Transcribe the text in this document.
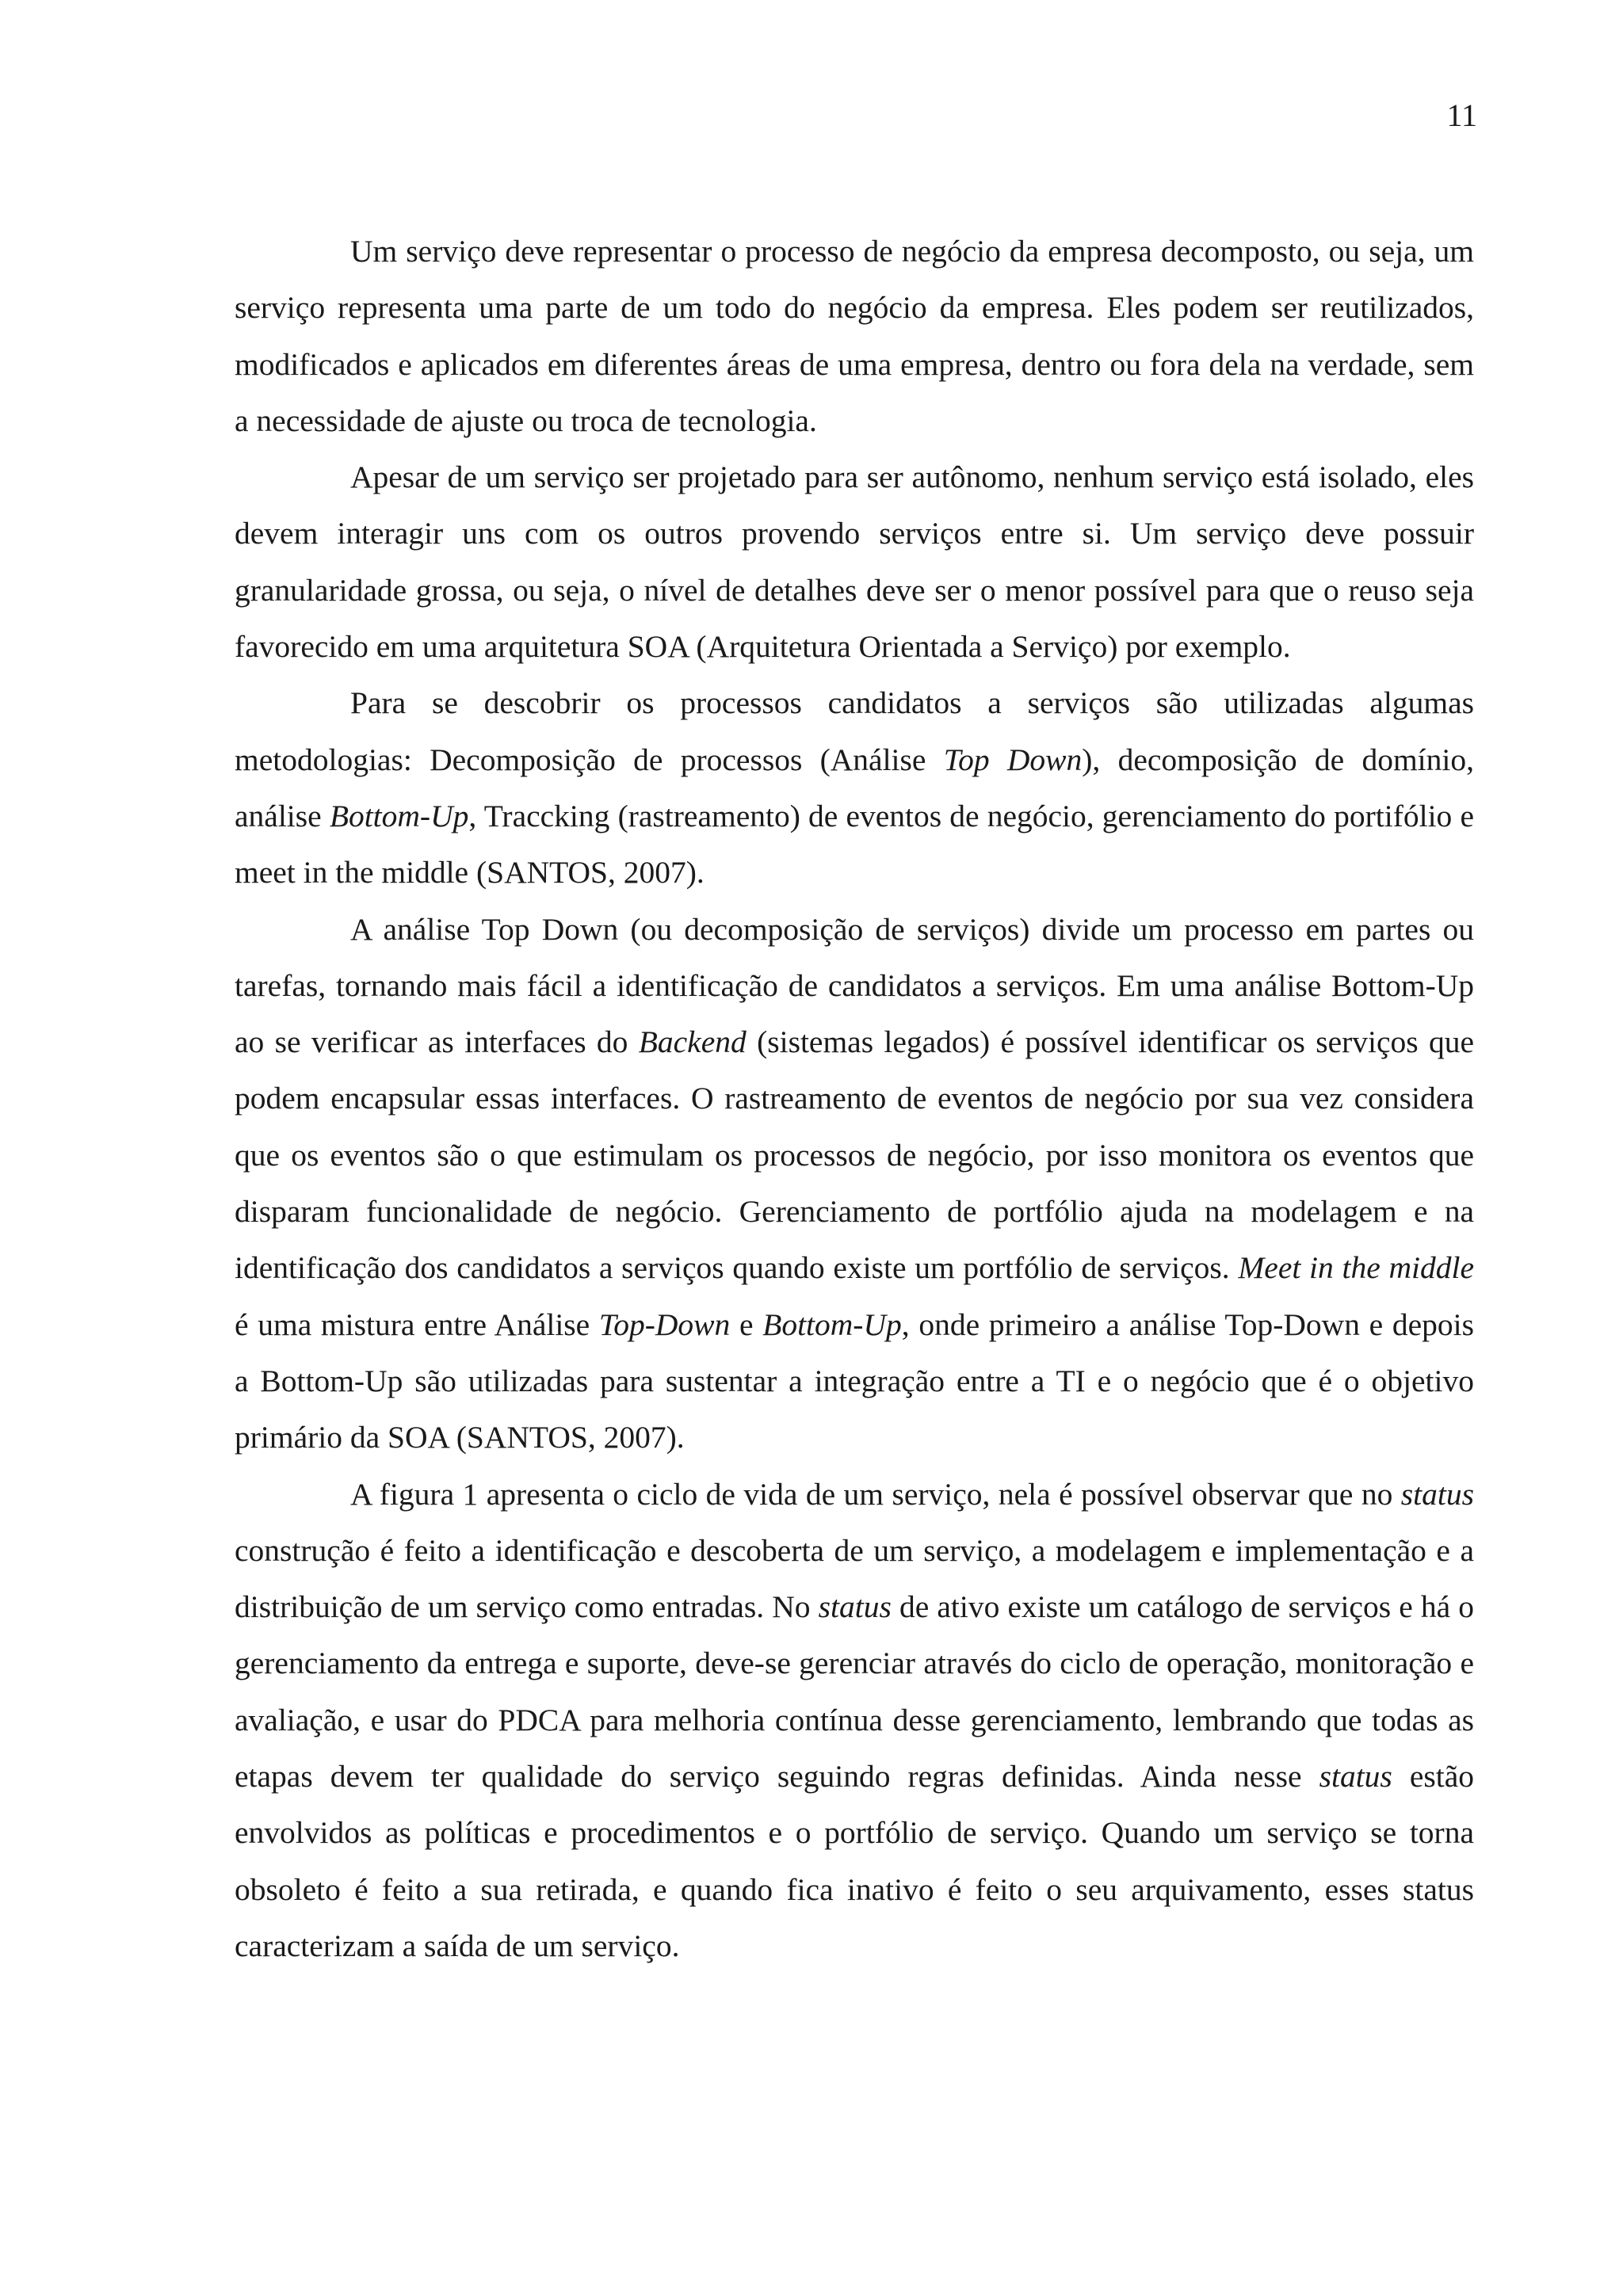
11

Um serviço deve representar o processo de negócio da empresa decomposto, ou seja, um serviço representa uma parte de um todo do negócio da empresa. Eles podem ser reutilizados, modificados e aplicados em diferentes áreas de uma empresa, dentro ou fora dela na verdade, sem a necessidade de ajuste ou troca de tecnologia.

Apesar de um serviço ser projetado para ser autônomo, nenhum serviço está isolado, eles devem interagir uns com os outros provendo serviços entre si. Um serviço deve possuir granularidade grossa, ou seja, o nível de detalhes deve ser o menor possível para que o reuso seja favorecido em uma arquitetura SOA (Arquitetura Orientada a Serviço) por exemplo.

Para se descobrir os processos candidatos a serviços são utilizadas algumas metodologias: Decomposição de processos (Análise Top Down), decomposição de domínio, análise Bottom-Up, Traccking (rastreamento) de eventos de negócio, gerenciamento do portifólio e meet in the middle (SANTOS, 2007).

A análise Top Down (ou decomposição de serviços) divide um processo em partes ou tarefas, tornando mais fácil a identificação de candidatos a serviços. Em uma análise Bottom-Up ao se verificar as interfaces do Backend (sistemas legados) é possível identificar os serviços que podem encapsular essas interfaces. O rastreamento de eventos de negócio por sua vez considera que os eventos são o que estimulam os processos de negócio, por isso monitora os eventos que disparam funcionalidade de negócio. Gerenciamento de portfólio ajuda na modelagem e na identificação dos candidatos a serviços quando existe um portfólio de serviços. Meet in the middle é uma mistura entre Análise Top-Down e Bottom-Up, onde primeiro a análise Top-Down e depois a Bottom-Up são utilizadas para sustentar a integração entre a TI e o negócio que é o objetivo primário da SOA (SANTOS, 2007).

A figura 1 apresenta o ciclo de vida de um serviço, nela é possível observar que no status construção é feito a identificação e descoberta de um serviço, a modelagem e implementação e a distribuição de um serviço como entradas. No status de ativo existe um catálogo de serviços e há o gerenciamento da entrega e suporte, deve-se gerenciar através do ciclo de operação, monitoração e avaliação, e usar do PDCA para melhoria contínua desse gerenciamento, lembrando que todas as etapas devem ter qualidade do serviço seguindo regras definidas. Ainda nesse status estão envolvidos as políticas e procedimentos e o portfólio de serviço. Quando um serviço se torna obsoleto é feito a sua retirada, e quando fica inativo é feito o seu arquivamento, esses status caracterizam a saída de um serviço.
